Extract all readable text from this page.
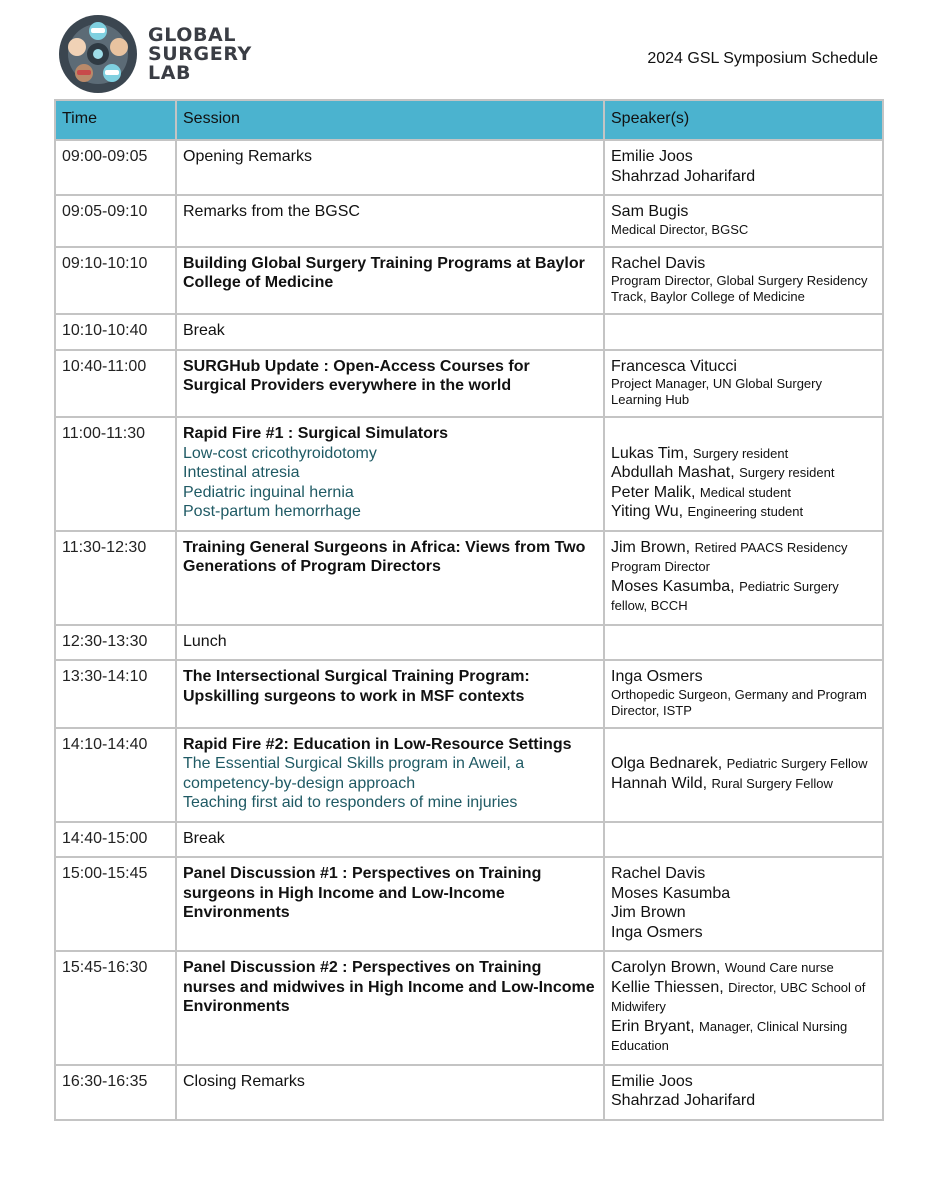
GLOBAL
SURGERY
LAB
2024 GSL Symposium Schedule
Time	Session	Speaker(s)
09:00-09:05	Opening Remarks	Emilie Joos
Shahrzad Joharifard

09:05-09:10	Remarks from the BGSC	Sam Bugis
Medical Director, BGSC

09:10-10:10	Building Global Surgery Training Programs at Baylor College of Medicine	Rachel Davis
Program Director, Global Surgery Residency Track, Baylor College of Medicine

10:10-10:40	Break	
10:40-11:00	SURGHub Update : Open-Access Courses for Surgical Providers everywhere in the world	Francesca Vitucci
Project Manager, UN Global Surgery Learning Hub

11:00-11:30	Rapid Fire #1 : Surgical Simulators
Low-cost cricothyroidotomy
Intestinal atresia
Pediatric inguinal hernia
Post-partum hemorrhage	Lukas Tim, Surgery resident
Abdullah Mashat, Surgery resident
Peter Malik, Medical student
Yiting Wu, Engineering student

11:30-12:30	Training General Surgeons in Africa: Views from Two Generations of Program Directors	Jim Brown, Retired PAACS Residency Program Director
Moses Kasumba, Pediatric Surgery fellow, BCCH

12:30-13:30	Lunch	
13:30-14:10	The Intersectional Surgical Training Program: Upskilling surgeons to work in MSF contexts	Inga Osmers
Orthopedic Surgeon, Germany and Program Director, ISTP

14:10-14:40	Rapid Fire #2: Education in Low-Resource Settings
The Essential Surgical Skills program in Aweil, a competency-by-design approach
Teaching first aid to responders of mine injuries	Olga Bednarek, Pediatric Surgery Fellow
Hannah Wild, Rural Surgery Fellow

14:40-15:00	Break	
15:00-15:45	Panel Discussion #1 : Perspectives on Training surgeons in High Income and Low-Income Environments	Rachel Davis
Moses Kasumba
Jim Brown
Inga Osmers

15:45-16:30	Panel Discussion #2 : Perspectives on Training nurses and midwives in High Income and Low-Income Environments	Carolyn Brown, Wound Care nurse
Kellie Thiessen, Director, UBC School of Midwifery
Erin Bryant, Manager, Clinical Nursing Education

16:30-16:35	Closing Remarks	Emilie Joos
Shahrzad Joharifard
